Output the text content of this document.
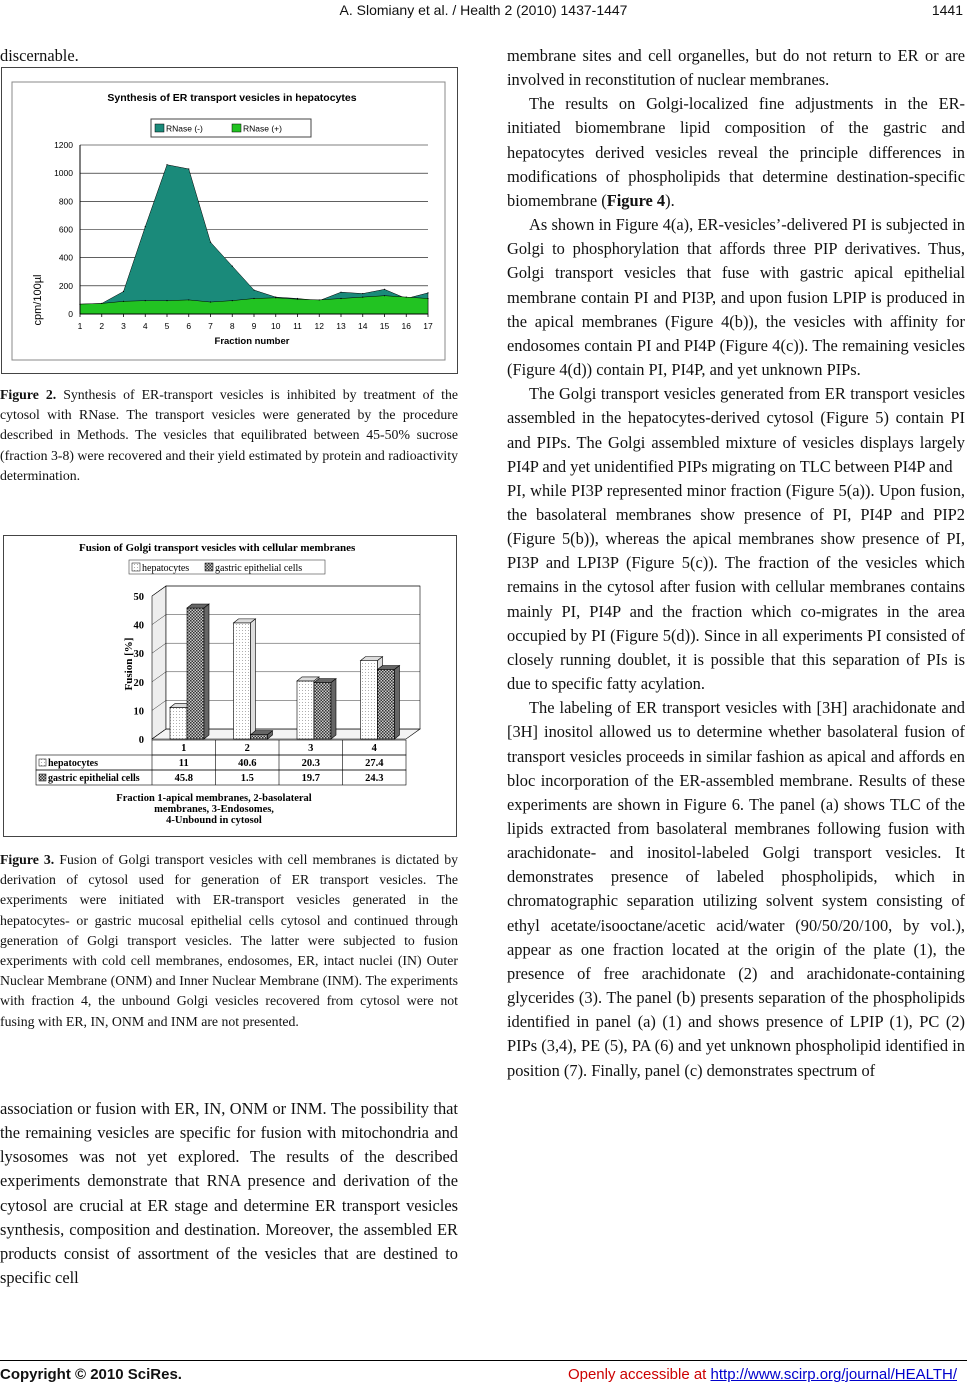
A. Slomiany et al. / Health 2 (2010) 1437-1447	1441

discernable.

Synthesis of ER transport vesicles in hepatocytes
RNase (-)	RNase (+)
0
200
400
600
800
1000
1200
1 2 3 4 5 6 7 8 9 10 11 12 13 14 15 16 17
Fraction number
cpm/100µl

Figure 2. Synthesis of ER-transport vesicles is inhibited by treatment of the cytosol with RNase. The transport vesicles were generated by the procedure described in Methods. The vesicles that equilibrated between 45-50% sucrose (fraction 3-8) were recovered and their yield estimated by protein and radioactivity determination.

Fusion of Golgi transport vesicles with cellular membranes
hepatocytes	gastric epithelial cells
0
10
20
30
40
50
1	2	3	4
hepatocytes	11	40.6	20.3	27.4
gastric epithelial cells	45.8	1.5	19.7	24.3
Fraction 1-apical membranes, 2-basolateral
membranes, 3-Endosomes,
4-Unbound in cytosol
Fusion [%]

Figure 3. Fusion of Golgi transport vesicles with cell membranes is dictated by derivation of cytosol used for generation of ER transport vesicles. The experiments were initiated with ER-transport vesicles generated in the hepatocytes- or gastric mucosal epithelial cells cytosol and continued through generation of Golgi transport vesicles. The latter were subjected to fusion experiments with cold cell membranes, endosomes, ER, intact nuclei (IN) Outer Nuclear Membrane (ONM) and Inner Nuclear Membrane (INM). The experiments with fraction 4, the unbound Golgi vesicles recovered from cytosol were not fusing with ER, IN, ONM and INM are not presented.

association or fusion with ER, IN, ONM or INM. The possibility that the remaining vesicles are specific for fusion with mitochondria and lysosomes was not yet explored. The results of the described experiments demonstrate that RNA presence and derivation of the cytosol are crucial at ER stage and determine ER transport vesicles synthesis, composition and destination. Moreover, the assembled ER products consist of assortment of the vesicles that are destined to specific cell

membrane sites and cell organelles, but do not return to ER or are involved in reconstitution of nuclear membranes.

The results on Golgi-localized fine adjustments in the ER-initiated biomembrane lipid composition of the gastric and hepatocytes derived vesicles reveal the principle differences in modifications of phospholipids that determine destination-specific biomembrane (Figure 4).

As shown in Figure 4(a), ER-vesicles’-delivered PI is subjected in Golgi to phosphorylation that affords three PIP derivatives. Thus, Golgi transport vesicles that fuse with gastric apical epithelial membrane contain PI and PI3P, and upon fusion LPIP is produced in the apical membranes (Figure 4(b)), the vesicles with affinity for endosomes contain PI and PI4P (Figure 4(c)). The remaining vesicles (Figure 4(d)) contain PI, PI4P, and yet unknown PIPs.

The Golgi transport vesicles generated from ER transport vesicles assembled in the hepatocytes-derived cytosol (Figure 5) contain PI and PIPs. The Golgi assembled mixture of vesicles displays largely PI4P and yet unidentified PIPs migrating on TLC between PI4P and

PI, while PI3P represented minor fraction (Figure 5(a)). Upon fusion, the basolateral membranes show presence of PI, PI4P and PIP2 (Figure 5(b)), whereas the apical membranes show presence of PI, PI3P and LPI3P (Figure 5(c)). The fraction of the vesicles which remains in the cytosol after fusion with cellular membranes contains mainly PI, PI4P and the fraction which co-migrates in the area occupied by PI (Figure 5(d)). Since in all experiments PI consisted of closely running doublet, it is possible that this separation of PIs is due to specific fatty acylation.

The labeling of ER transport vesicles with [3H] arachidonate and [3H] inositol allowed us to determine whether basolateral fusion of transport vesicles proceeds in similar fashion as apical and affords en bloc incorporation of the ER-assembled membrane. Results of these experiments are shown in Figure 6. The panel (a) shows TLC of the lipids extracted from basolateral membranes following fusion with arachidonate- and inositol-labeled Golgi transport vesicles. It demonstrates presence of labeled phospholipids, which in chromatographic separation utilizing solvent system consisting of ethyl acetate/isooctane/acetic acid/water (90/50/20/100, by vol.), appear as one fraction located at the origin of the plate (1), the presence of free arachidonate (2) and arachidonate-containing glycerides (3). The panel (b) presents separation of the phospholipids identified in panel (a) (1) and shows presence of LPIP (1), PC (2) PIPs (3,4), PE (5), PA (6) and yet unknown phospholipid identified in position (7). Finally, panel (c) demonstrates spectrum of

Copyright © 2010 SciRes.	Openly accessible at http://www.scirp.org/journal/HEALTH/
